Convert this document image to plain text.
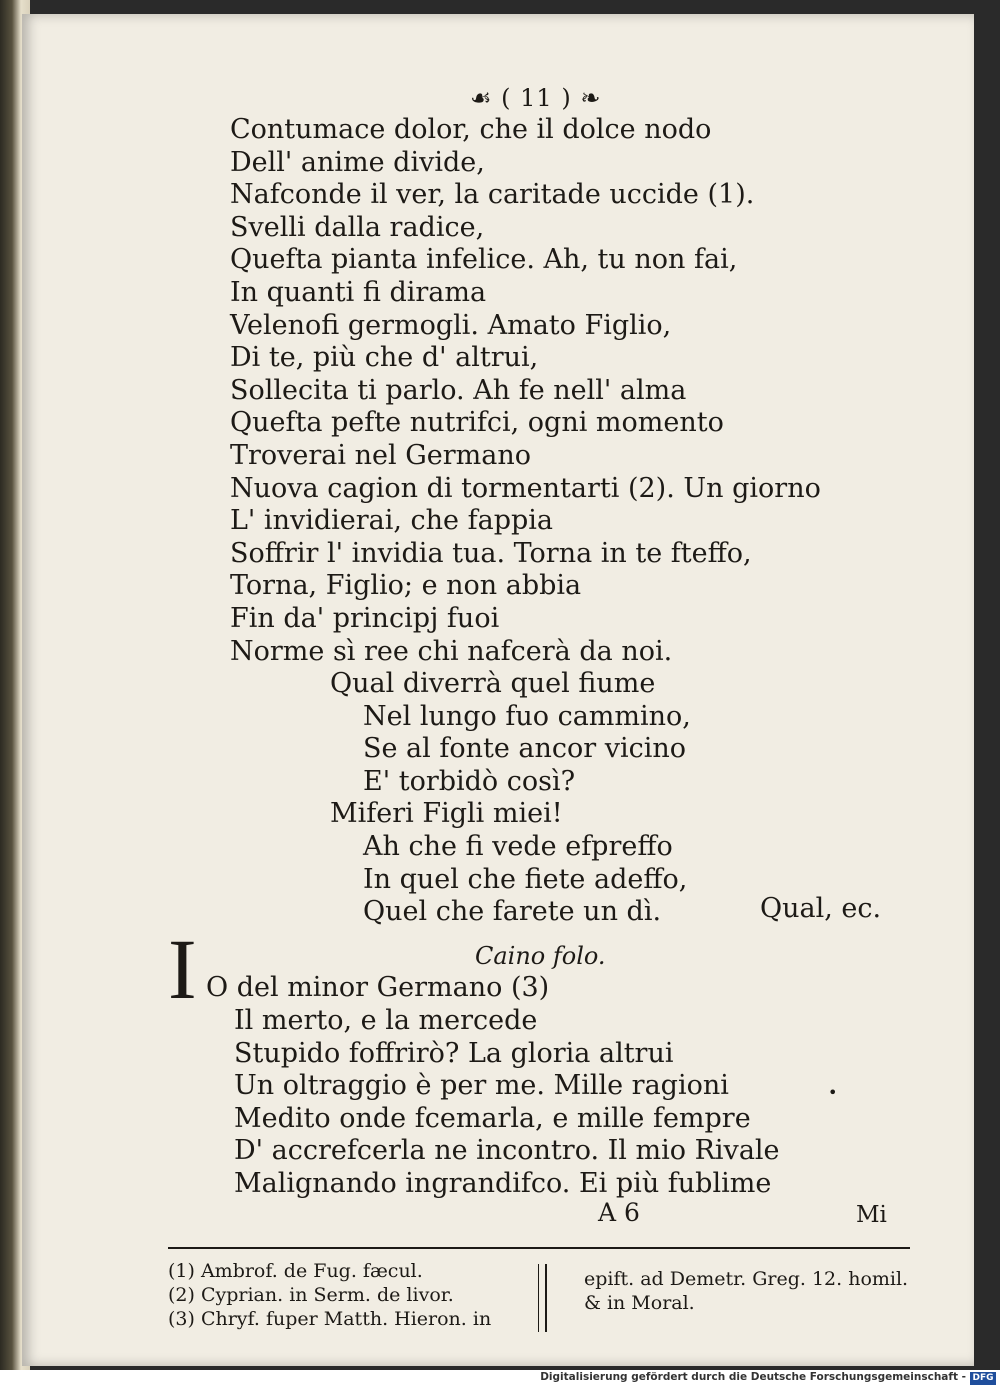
☙ ( 11 ) ❧
Contumace dolor, che il dolce nodo
Dell' anime divide,
Nafconde il ver, la caritade uccide (1).
Svelli dalla radice,
Quefta pianta infelice. Ah, tu non fai,
In quanti fi dirama
Velenofi germogli. Amato Figlio,
Di te, più che d' altrui,
Sollecita ti parlo. Ah fe nell' alma
Quefta pefte nutrifci, ogni momento
Troverai nel Germano
Nuova cagion di tormentarti (2). Un giorno
L' invidierai, che fappia
Soffrir l' invidia tua. Torna in te fteffo,
Torna, Figlio; e non abbia
Fin da' principj fuoi
Norme sì ree chi nafcerà da noi.
Qual diverrà quel fiume
Nel lungo fuo cammino,
Se al fonte ancor vicino
E' torbidò così?
Miferi Figli miei!
Ah che fi vede efpreffo
In quel che fiete adeffo,
Quel che farete un dì.	Qual, ec.
I	Caino folo.
O del minor Germano (3)
Il merto, e la mercede
Stupido foffrirò? La gloria altrui
Un oltraggio è per me. Mille ragioni
Medito onde fcemarla, e mille fempre
D' accrefcerla ne incontro. Il mio Rivale
Malignando ingrandifco. Ei più fublime
•
A 6	Mi
(1) Ambrof. de Fug. fæcul.
(2) Cyprian. in Serm. de livor.
(3) Chryf. fuper Matth. Hieron. in
epift. ad Demetr. Greg. 12. homil.
& in Moral.
Digitalisierung gefördert durch die Deutsche Forschungsgemeinschaft - DFG
